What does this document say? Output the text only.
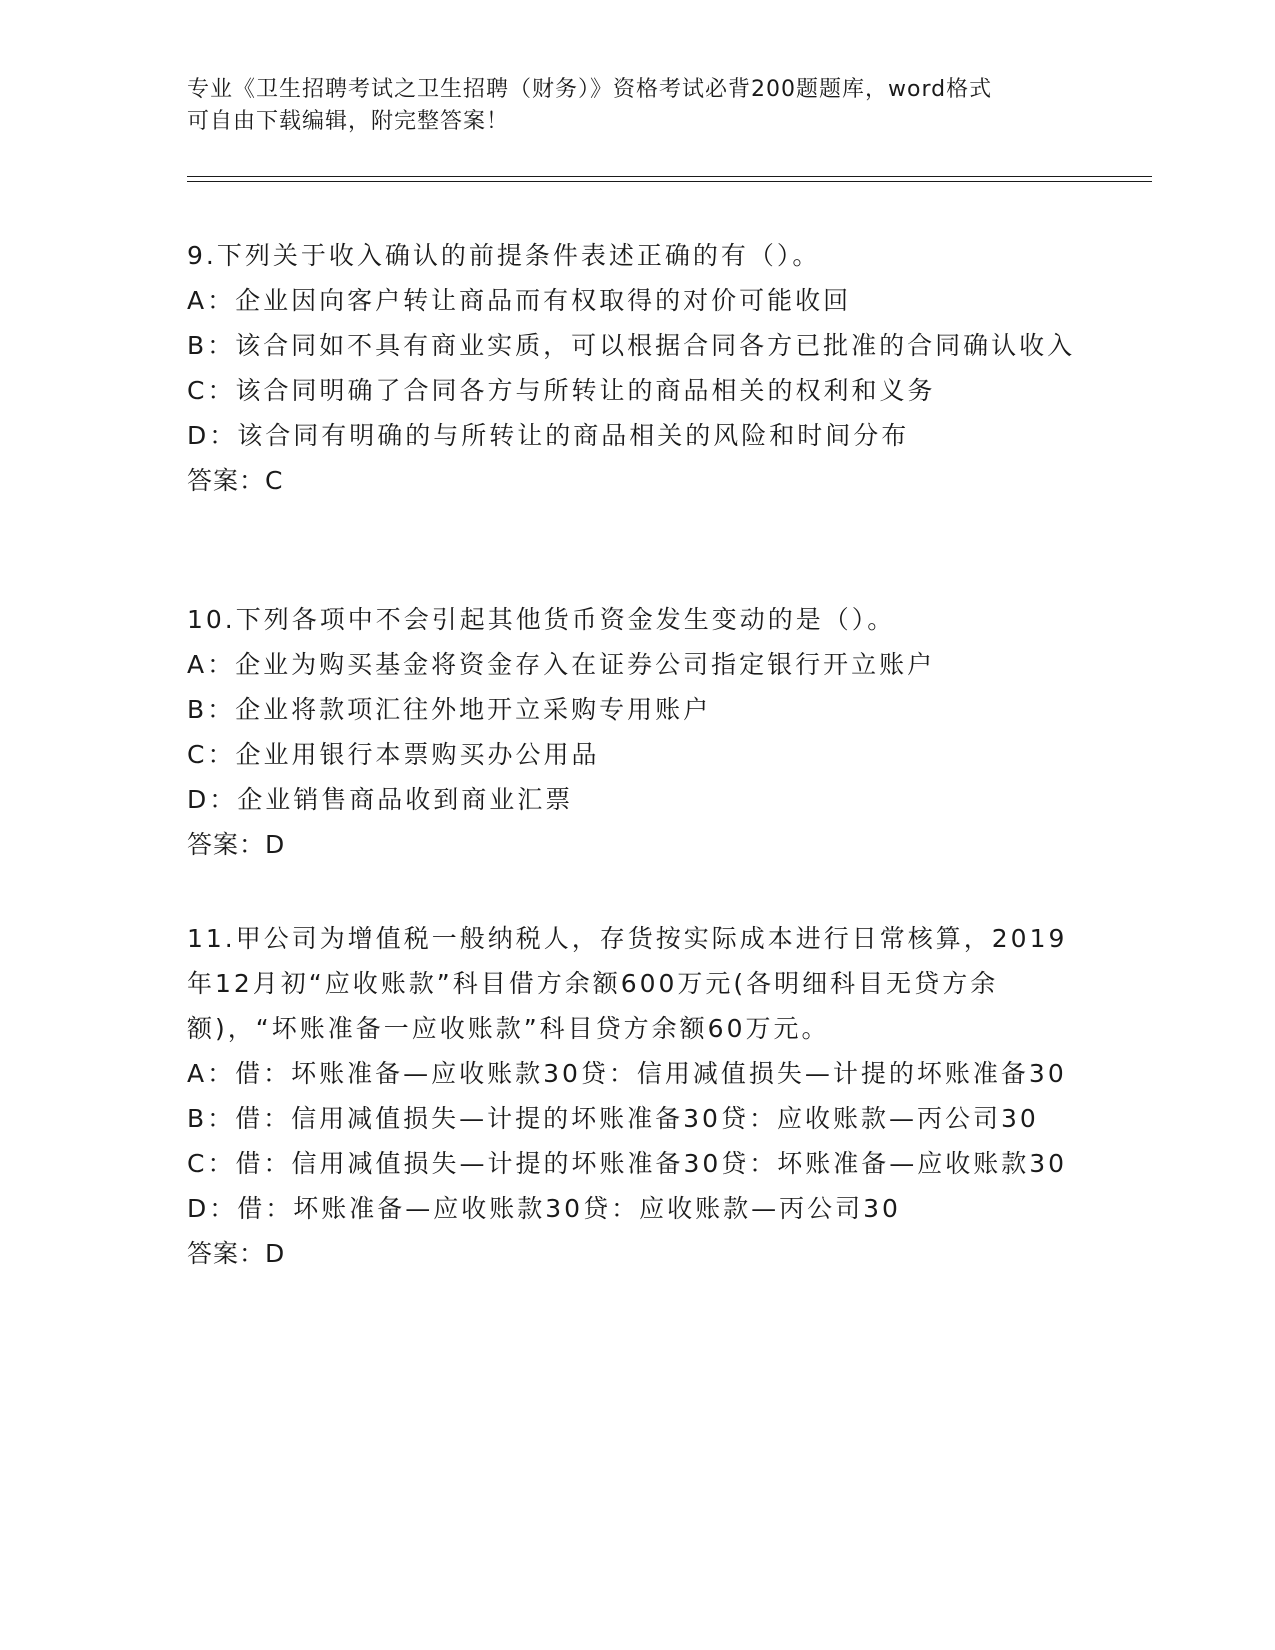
专业《卫生招聘考试之卫生招聘（财务）》资格考试必背200题题库，word格式
可自由下载编辑，附完整答案！

9.下列关于收入确认的前提条件表述正确的有（）。

A：企业因向客户转让商品而有权取得的对价可能收回

B：该合同如不具有商业实质，可以根据合同各方已批准的合同确认收入

C：该合同明确了合同各方与所转让的商品相关的权利和义务

D：该合同有明确的与所转让的商品相关的风险和时间分布

答案：C

10.下列各项中不会引起其他货币资金发生变动的是（）。

A：企业为购买基金将资金存入在证券公司指定银行开立账户

B：企业将款项汇往外地开立采购专用账户

C：企业用银行本票购买办公用品

D：企业销售商品收到商业汇票

答案：D

11.甲公司为增值税一般纳税人，存货按实际成本进行日常核算，2019年12月初“应收账款”科目借方余额600万元(各明细科目无贷方余额)，“坏账准备一应收账款”科目贷方余额60万元。

A：借：坏账准备—应收账款30贷：信用减值损失—计提的坏账准备30

B：借：信用减值损失—计提的坏账准备30贷：应收账款—丙公司30

C：借：信用减值损失—计提的坏账准备30贷：坏账准备—应收账款30

D：借：坏账准备—应收账款30贷：应收账款—丙公司30

答案：D
